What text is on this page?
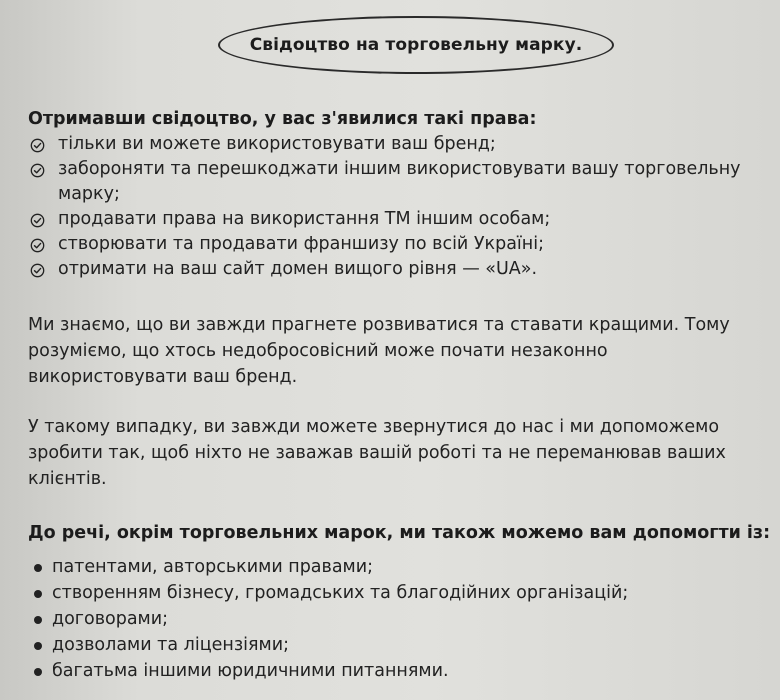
Свідоцтво на торговельну марку.
Отримавши свідоцтво, у вас з'явилися такі права:
тільки ви можете використовувати ваш бренд;
забороняти та перешкоджати іншим використовувати вашу торговельну марку;
продавати права на використання ТМ іншим особам;
створювати та продавати франшизу по всій Україні;
отримати на ваш сайт домен вищого рівня — «UA».

Ми знаємо, що ви завжди прагнете розвиватися та ставати кращими. Тому розуміємо, що хтось недобросовісний може почати незаконно використовувати ваш бренд.

У такому випадку, ви завжди можете звернутися до нас і ми допоможемо зробити так, щоб ніхто не заважав вашій роботі та не переманював ваших клієнтів.

До речі, окрім торговельних марок, ми також можемо вам допомогти із:
патентами, авторськими правами;
створенням бізнесу, громадських та благодійних організацій;
договорами;
дозволами та ліцензіями;
багатьма іншими юридичними питаннями.
